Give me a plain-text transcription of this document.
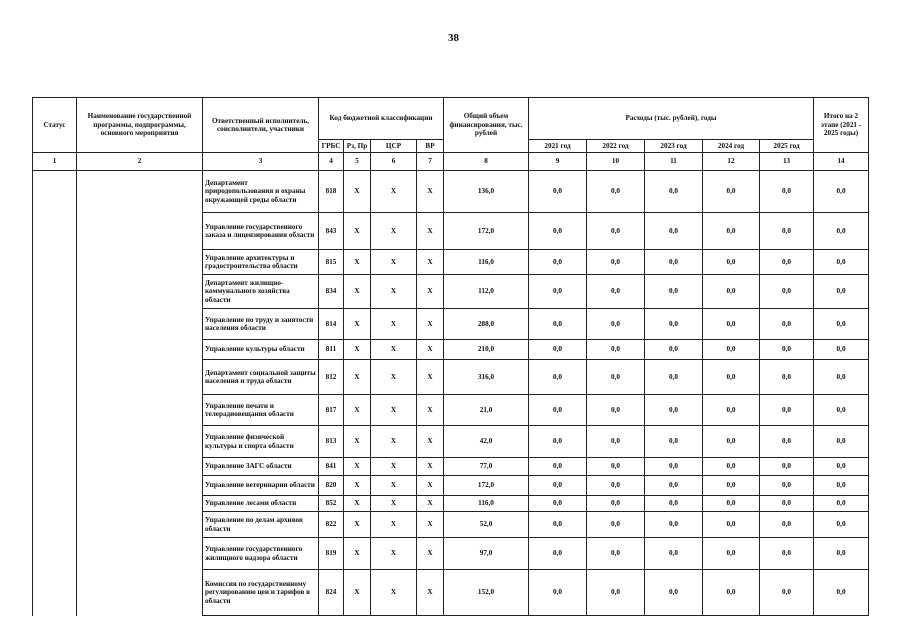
38
Статус	Наименование государственной программы, подпрограммы, основного мероприятия	Ответственный исполнитель, соисполнители, участники	Код бюджетной классификации				Общий объем финансирования, тыс. рублей	Расходы (тыс. рублей), годы					Итого на 2 этапе (2021 - 2025 годы)
			ГРБС	Рз, Пр	ЦСР	ВР		2021 год	2022 год	2023 год	2024 год	2025 год	
1	2	3	4	5	6	7	8	9	10	11	12	13	14
		Департамент природопользования и охраны окружающей среды области	818	X	X	X	136,0	0,0	0,0	0,0	0,0	0,0	0,0
		Управление государственного заказа и лицензирования области	843	X	X	X	172,0	0,0	0,0	0,0	0,0	0,0	0,0
		Управление архитектуры и градостроительства области	815	X	X	X	116,0	0,0	0,0	0,0	0,0	0,0	0,0
		Департамент жилищно-коммунального хозяйства области	834	X	X	X	112,0	0,0	0,0	0,0	0,0	0,0	0,0
		Управление по труду и занятости населения области	814	X	X	X	288,0	0,0	0,0	0,0	0,0	0,0	0,0
		Управление культуры области	811	X	X	X	210,0	0,0	0,0	0,0	0,0	0,0	0,0
		Департамент социальной защиты населения и труда области	812	X	X	X	316,0	0,0	0,0	0,0	0,0	0,0	0,0
		Управление печати и телерадиовещания области	817	X	X	X	21,0	0,0	0,0	0,0	0,0	0,0	0,0
		Управление физической культуры и спорта области	813	X	X	X	42,0	0,0	0,0	0,0	0,0	0,0	0,0
		Управление ЗАГС области	841	X	X	X	77,0	0,0	0,0	0,0	0,0	0,0	0,0
		Управление ветеринарии области	820	X	X	X	172,0	0,0	0,0	0,0	0,0	0,0	0,0
		Управление лесами области	852	X	X	X	116,0	0,0	0,0	0,0	0,0	0,0	0,0
		Управление по делам архивов области	822	X	X	X	52,0	0,0	0,0	0,0	0,0	0,0	0,0
		Управление государственного жилищного надзора области	819	X	X	X	97,0	0,0	0,0	0,0	0,0	0,0	0,0
		Комиссия по государственному регулированию цен и тарифов в области	824	X	X	X	152,0	0,0	0,0	0,0	0,0	0,0	0,0
